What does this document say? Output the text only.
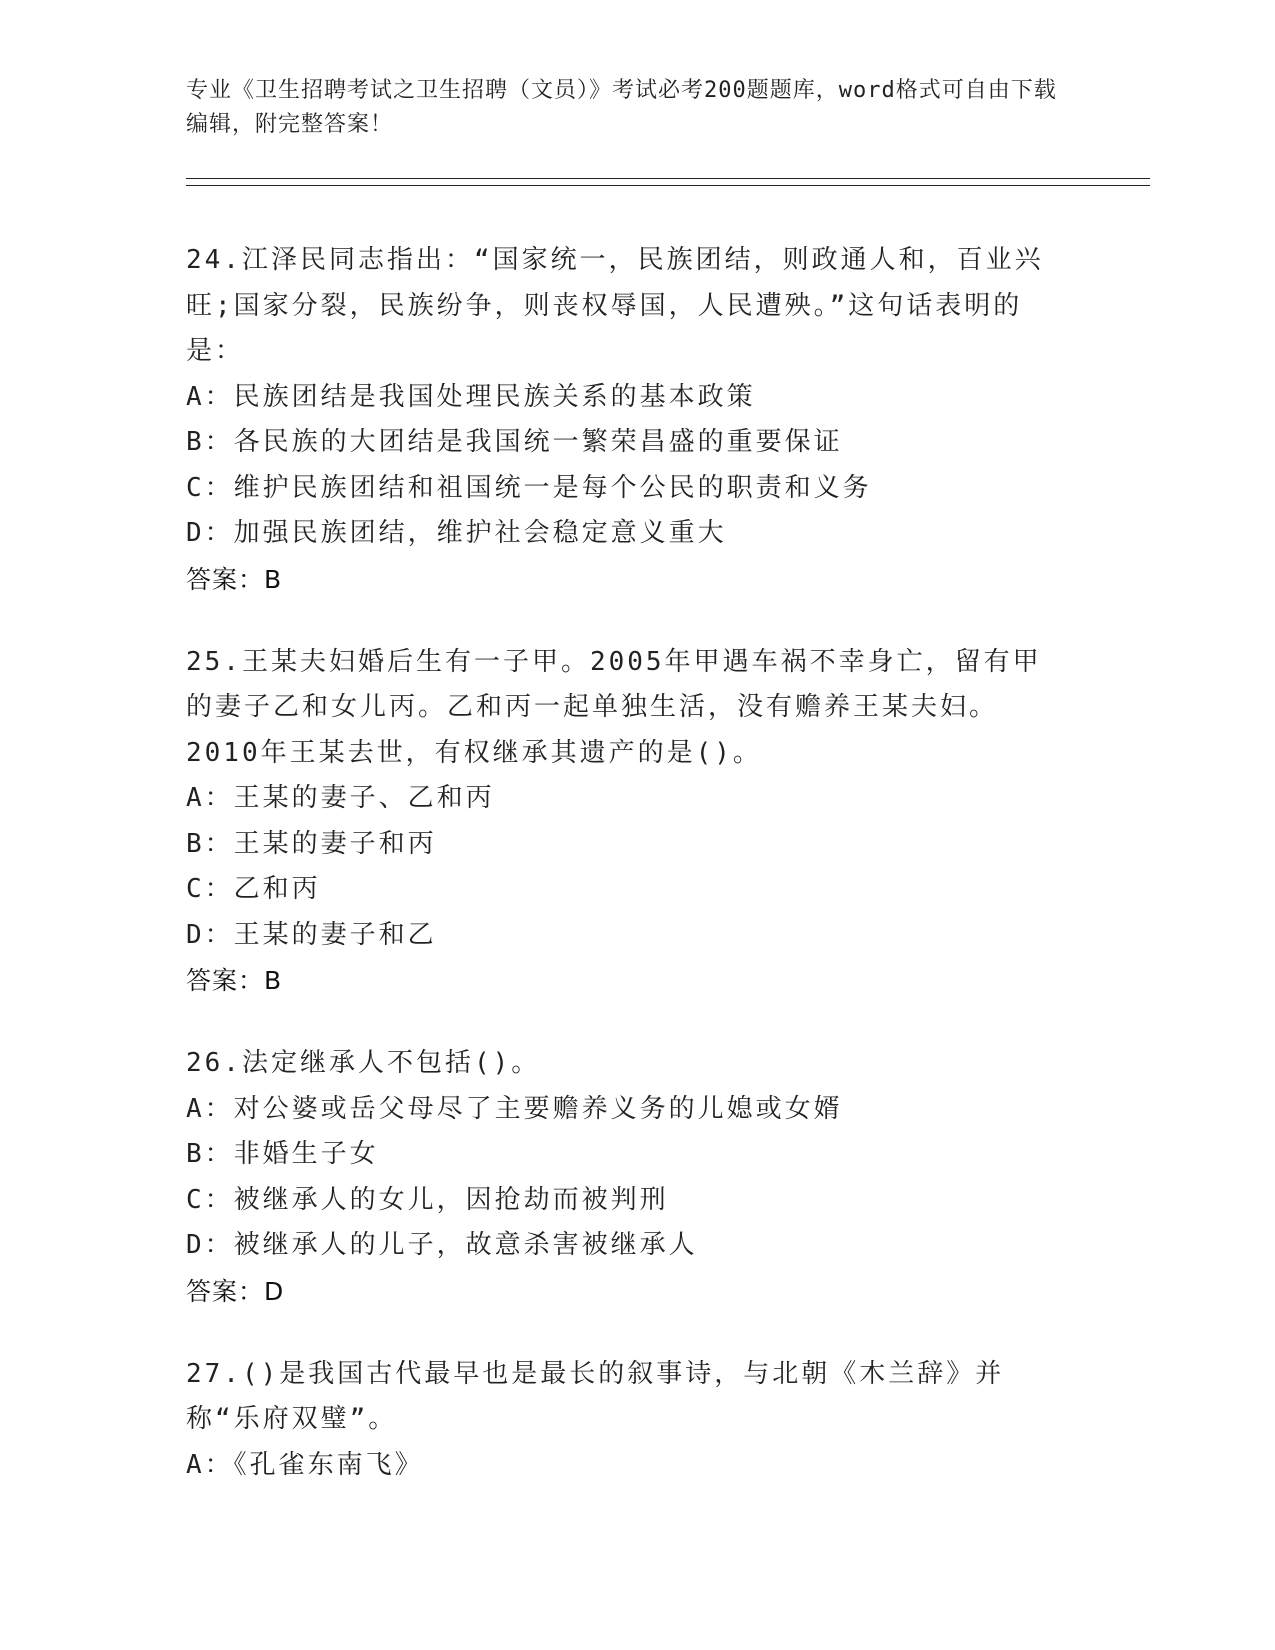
专业《卫生招聘考试之卫生招聘（文员）》考试必考200题题库，word格式可自由下载编辑，附完整答案！
24.江泽民同志指出：“国家统一，民族团结，则政通人和，百业兴旺;国家分裂，民族纷争，则丧权辱国，人民遭殃。”这句话表明的是：
A：民族团结是我国处理民族关系的基本政策
B：各民族的大团结是我国统一繁荣昌盛的重要保证
C：维护民族团结和祖国统一是每个公民的职责和义务
D：加强民族团结，维护社会稳定意义重大
答案：B
25.王某夫妇婚后生有一子甲。2005年甲遇车祸不幸身亡，留有甲的妻子乙和女儿丙。乙和丙一起单独生活，没有赡养王某夫妇。2010年王某去世，有权继承其遗产的是()。
A：王某的妻子、乙和丙
B：王某的妻子和丙
C：乙和丙
D：王某的妻子和乙
答案：B
26.法定继承人不包括()。
A：对公婆或岳父母尽了主要赡养义务的儿媳或女婿
B：非婚生子女
C：被继承人的女儿，因抢劫而被判刑
D：被继承人的儿子，故意杀害被继承人
答案：D
27.()是我国古代最早也是最长的叙事诗，与北朝《木兰辞》并称“乐府双璧”。
A：《孔雀东南飞》
